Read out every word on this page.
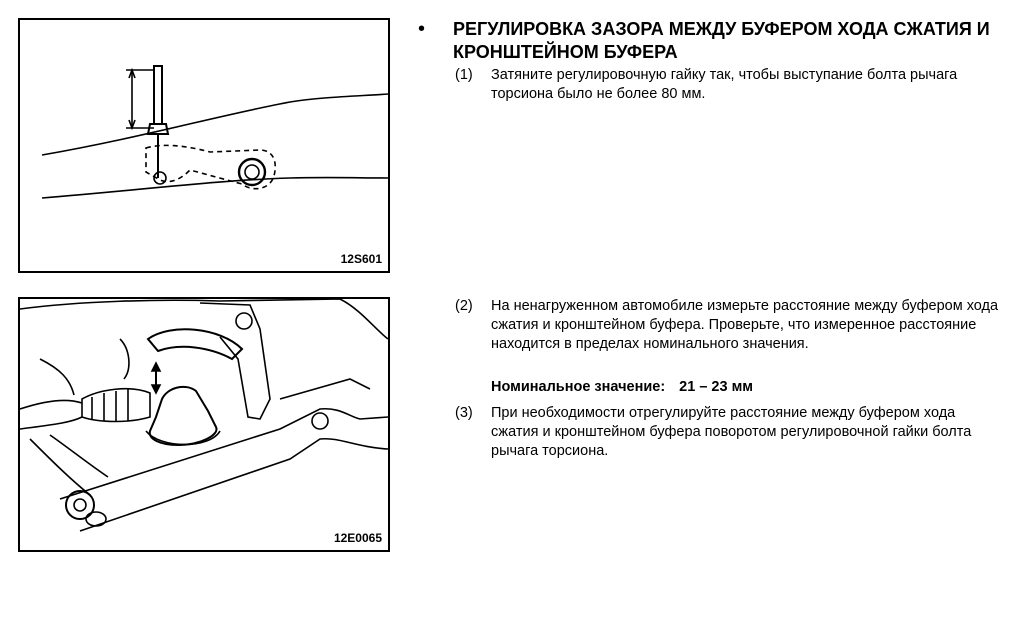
12S601
12E0065
• РЕГУЛИРОВКА ЗАЗОРА МЕЖДУ БУФЕРОМ ХОДА СЖАТИЯ И КРОНШТЕЙНОМ БУФЕРА
(1) Затяните регулировочную гайку так, чтобы выступание болта рычага торсиона было не более 80 мм.
(2) На ненагруженном автомобиле измерьте расстояние между буфером хода сжатия и кронштейном буфера. Проверьте, что измеренное расстояние находится в пределах номинального значения.
Номинальное значение: 21 – 23 мм
(3) При необходимости отрегулируйте расстояние между буфером хода сжатия и кронштейном буфера поворотом регулировочной гайки болта рычага торсиона.
